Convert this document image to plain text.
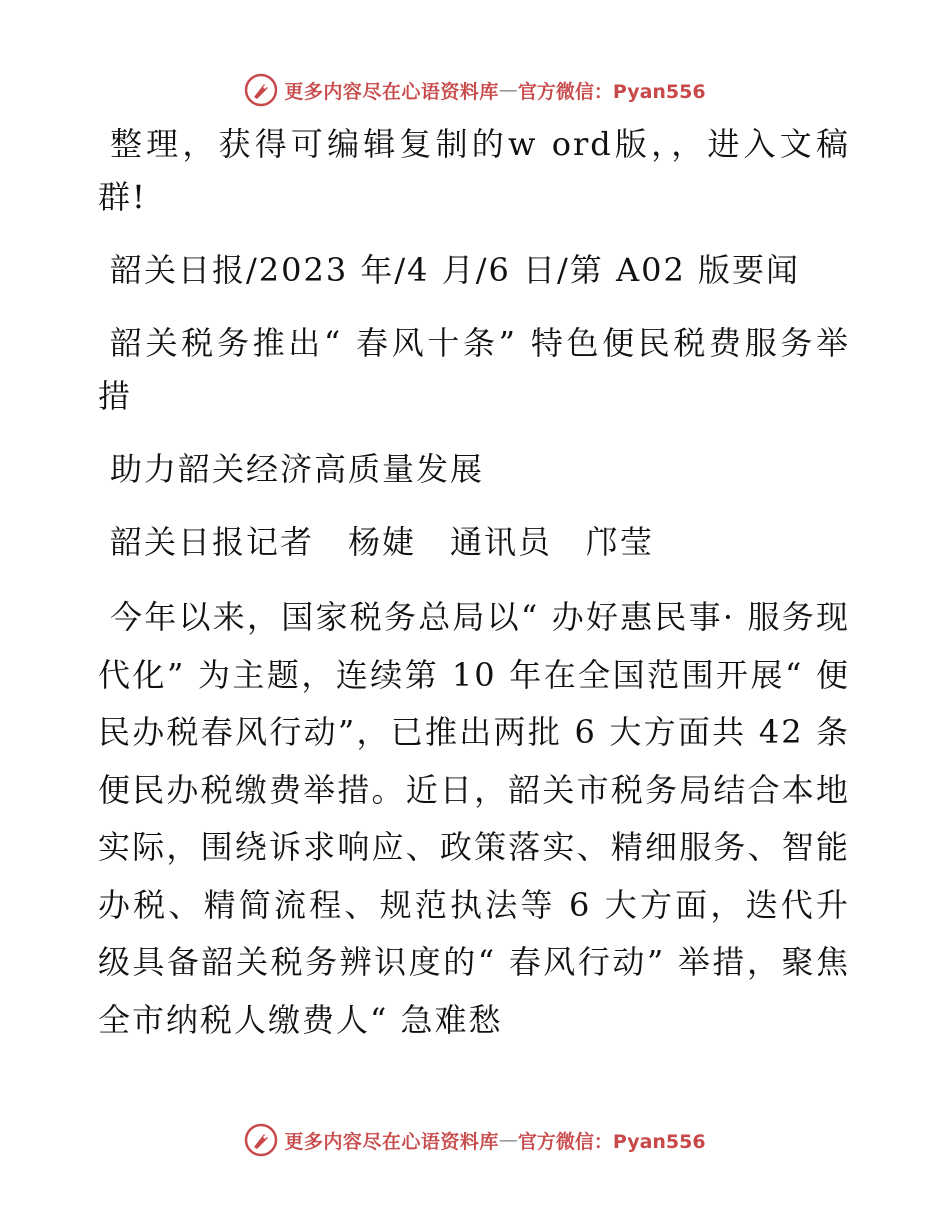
更多内容尽在心语资料库 — 官方微信：Pyan556

整理，获得可编辑复制的w ord版，，进入文稿群!

韶关日报/2023 年/4 月/6 日/第 A02 版要闻

韶关税务推出“ 春风十条” 特色便民税费服务举措

助力韶关经济高质量发展

韶关日报记者　杨婕　通讯员　邝莹

今年以来，国家税务总局以“ 办好惠民事· 服务现代化” 为主题，连续第 10 年在全国范围开展“ 便民办税春风行动”，已推出两批 6 大方面共 42 条便民办税缴费举措。近日，韶关市税务局结合本地实际，围绕诉求响应、政策落实、精细服务、智能办税、精简流程、规范执法等 6 大方面，迭代升级具备韶关税务辨识度的“ 春风行动” 举措，聚焦全市纳税人缴费人“ 急难愁

更多内容尽在心语资料库 — 官方微信：Pyan556
